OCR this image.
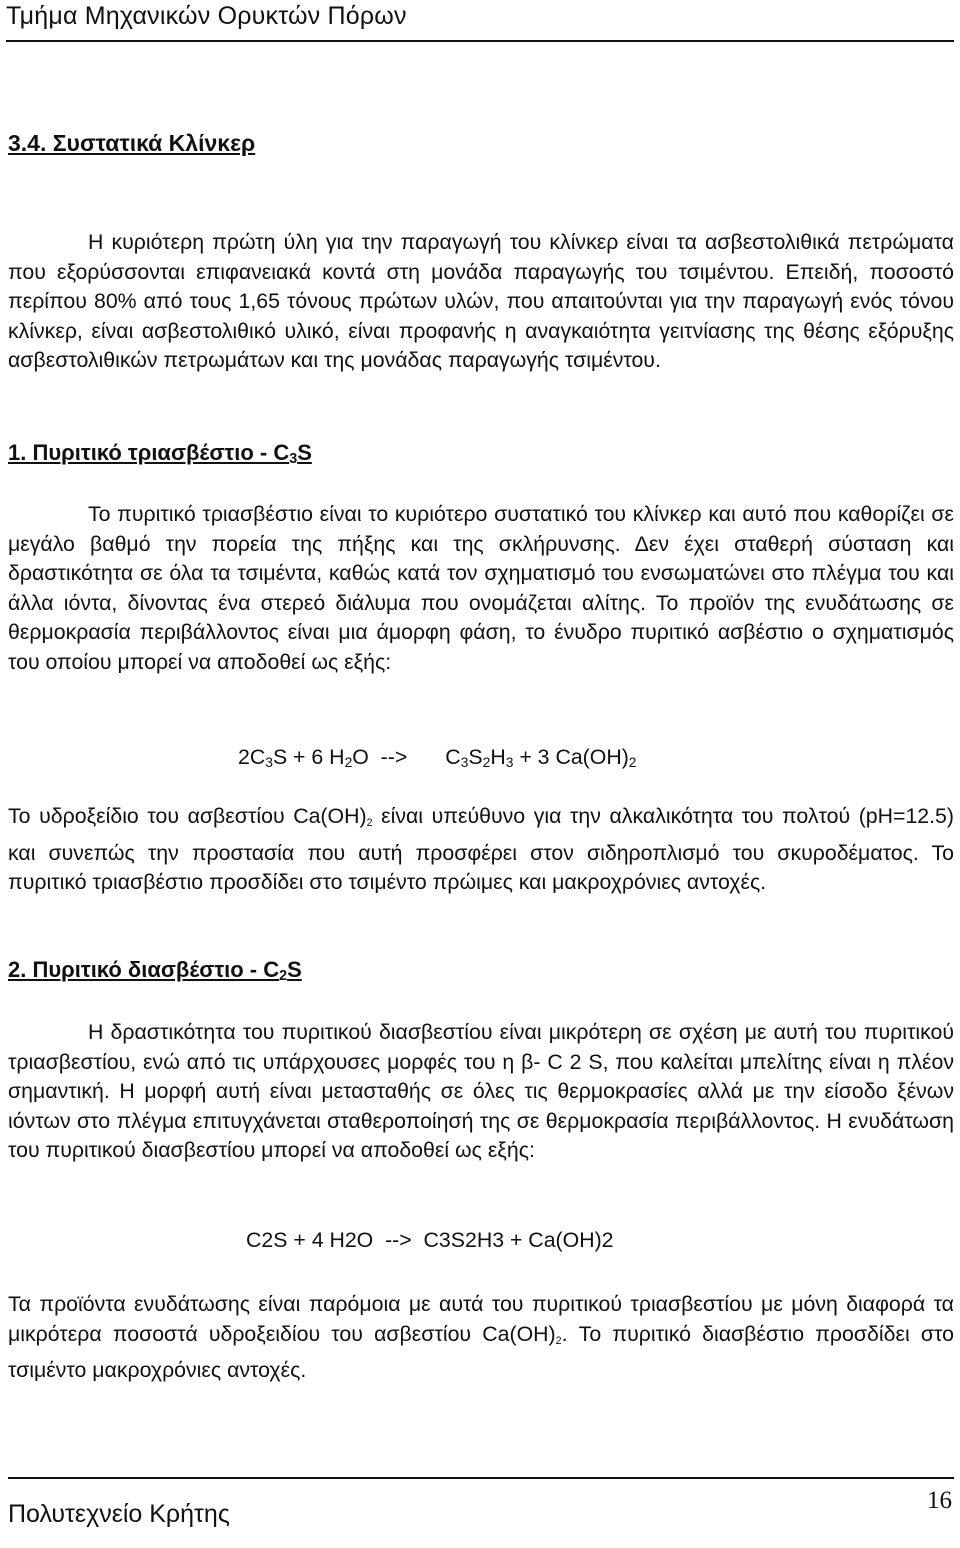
Τμήμα Μηχανικών Ορυκτών Πόρων
3.4. Συστατικά Κλίνκερ

Η κυριότερη πρώτη ύλη για την παραγωγή του κλίνκερ είναι τα ασβεστολιθικά πετρώματα που εξορύσσονται επιφανειακά κοντά στη μονάδα παραγωγής του τσιμέντου. Επειδή, ποσοστό περίπου 80% από τους 1,65 τόνους πρώτων υλών, που απαιτούνται για την παραγωγή ενός τόνου κλίνκερ, είναι ασβεστολιθικό υλικό, είναι προφανής η αναγκαιότητα γειτνίασης της θέσης εξόρυξης ασβεστολιθικών πετρωμάτων και της μονάδας παραγωγής τσιμέντου.

1. Πυριτικό τριασβέστιο - $C_3S$

Το πυριτικό τριασβέστιο είναι το κυριότερο συστατικό του κλίνκερ και αυτό που καθορίζει σε μεγάλο βαθμό την πορεία της πήξης και της σκλήρυνσης. Δεν έχει σταθερή σύσταση και δραστικότητα σε όλα τα τσιμέντα, καθώς κατά τον σχηματισμό του ενσωματώνει στο πλέγμα του και άλλα ιόντα, δίνοντας ένα στερεό διάλυμα που ονομάζεται αλίτης. Το προϊόν της ενυδάτωσης σε θερμοκρασία περιβάλλοντος είναι μια άμορφη φάση, το ένυδρο πυριτικό ασβέστιο ο σχηματισμός του οποίου μπορεί να αποδοθεί ως εξής:

$2C_3S + 6$ $H_2O$  --> $C_3S_2H_3 + 3$ $Ca(OH)_2$

Το υδροξείδιο του ασβεστίου Ca(OH)2 είναι υπεύθυνο για την αλκαλικότητα του πολτού (pH=12.5) και συνεπώς την προστασία που αυτή προσφέρει στον σιδηροπλισμό του σκυροδέματος. Το πυριτικό τριασβέστιο προσδίδει στο τσιμέντο πρώιμες και μακροχρόνιες αντοχές.

2. Πυριτικό διασβέστιο - $C_2S$

Η δραστικότητα του πυριτικού διασβεστίου είναι μικρότερη σε σχέση με αυτή του πυριτικού τριασβεστίου, ενώ από τις υπάρχουσες μορφές του η β- C 2 S, που καλείται μπελίτης είναι η πλέον σημαντική. Η μορφή αυτή είναι μετασταθής σε όλες τις θερμοκρασίες αλλά με την είσοδο ξένων ιόντων στο πλέγμα επιτυγχάνεται σταθεροποίησή της σε θερμοκρασία περιβάλλοντος. Η ενυδάτωση του πυριτικού διασβεστίου μπορεί να αποδοθεί ως εξής:

C2S + 4 H2O  -->  C3S2H3 + Ca(OH)2

Τα προϊόντα ενυδάτωσης είναι παρόμοια με αυτά του πυριτικού τριασβεστίου με μόνη διαφορά τα μικρότερα ποσοστά υδροξειδίου του ασβεστίου Ca(OH)2. Το πυριτικό διασβέστιο προσδίδει στο τσιμέντο μακροχρόνιες αντοχές.

Πολυτεχνείο Κρήτης	16
